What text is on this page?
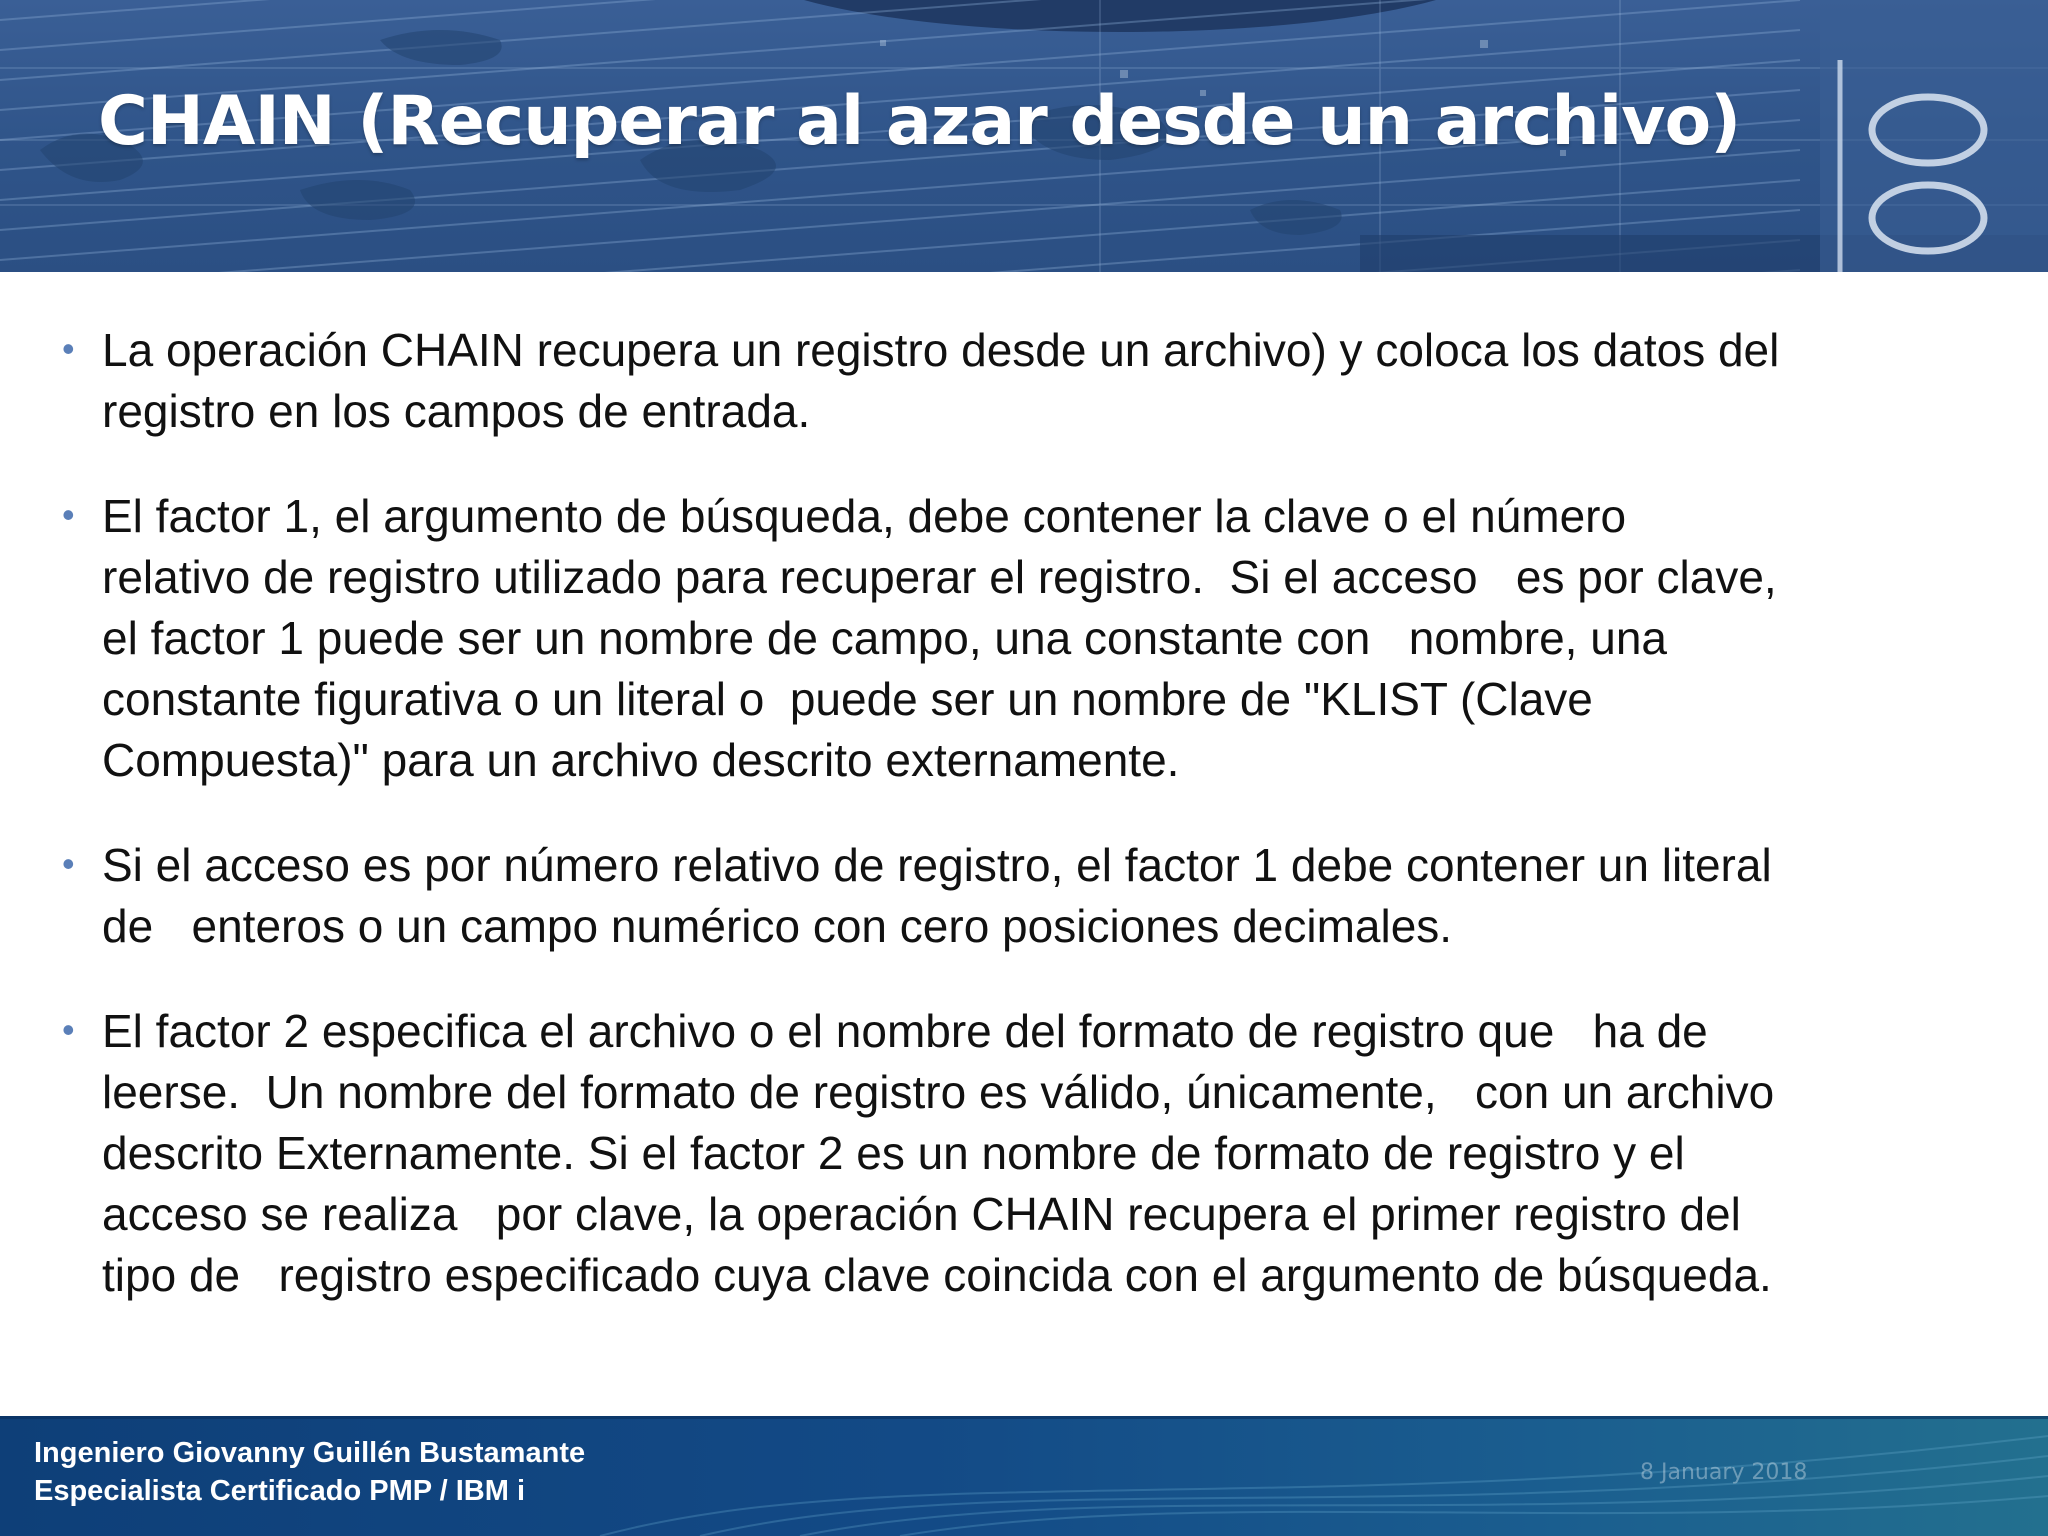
CHAIN (Recuperar al azar desde un archivo)
• La operación CHAIN recupera un registro desde un archivo) y coloca los datos del
registro en los campos de entrada.
• El factor 1, el argumento de búsqueda, debe contener la clave o el número
relativo de registro utilizado para recuperar el registro.  Si el acceso   es por clave,
el factor 1 puede ser un nombre de campo, una constante con   nombre, una
constante figurativa o un literal o  puede ser un nombre de "KLIST (Clave
Compuesta)" para un archivo descrito externamente.
• Si el acceso es por número relativo de registro, el factor 1 debe contener un literal
de   enteros o un campo numérico con cero posiciones decimales.
• El factor 2 especifica el archivo o el nombre del formato de registro que   ha de
leerse.  Un nombre del formato de registro es válido, únicamente,   con un archivo
descrito Externamente. Si el factor 2 es un nombre de formato de registro y el
acceso se realiza   por clave, la operación CHAIN recupera el primer registro del
tipo de   registro especificado cuya clave coincida con el argumento de búsqueda.
Ingeniero Giovanny Guillén Bustamante
Especialista Certificado PMP / IBM i
8 January 2018
